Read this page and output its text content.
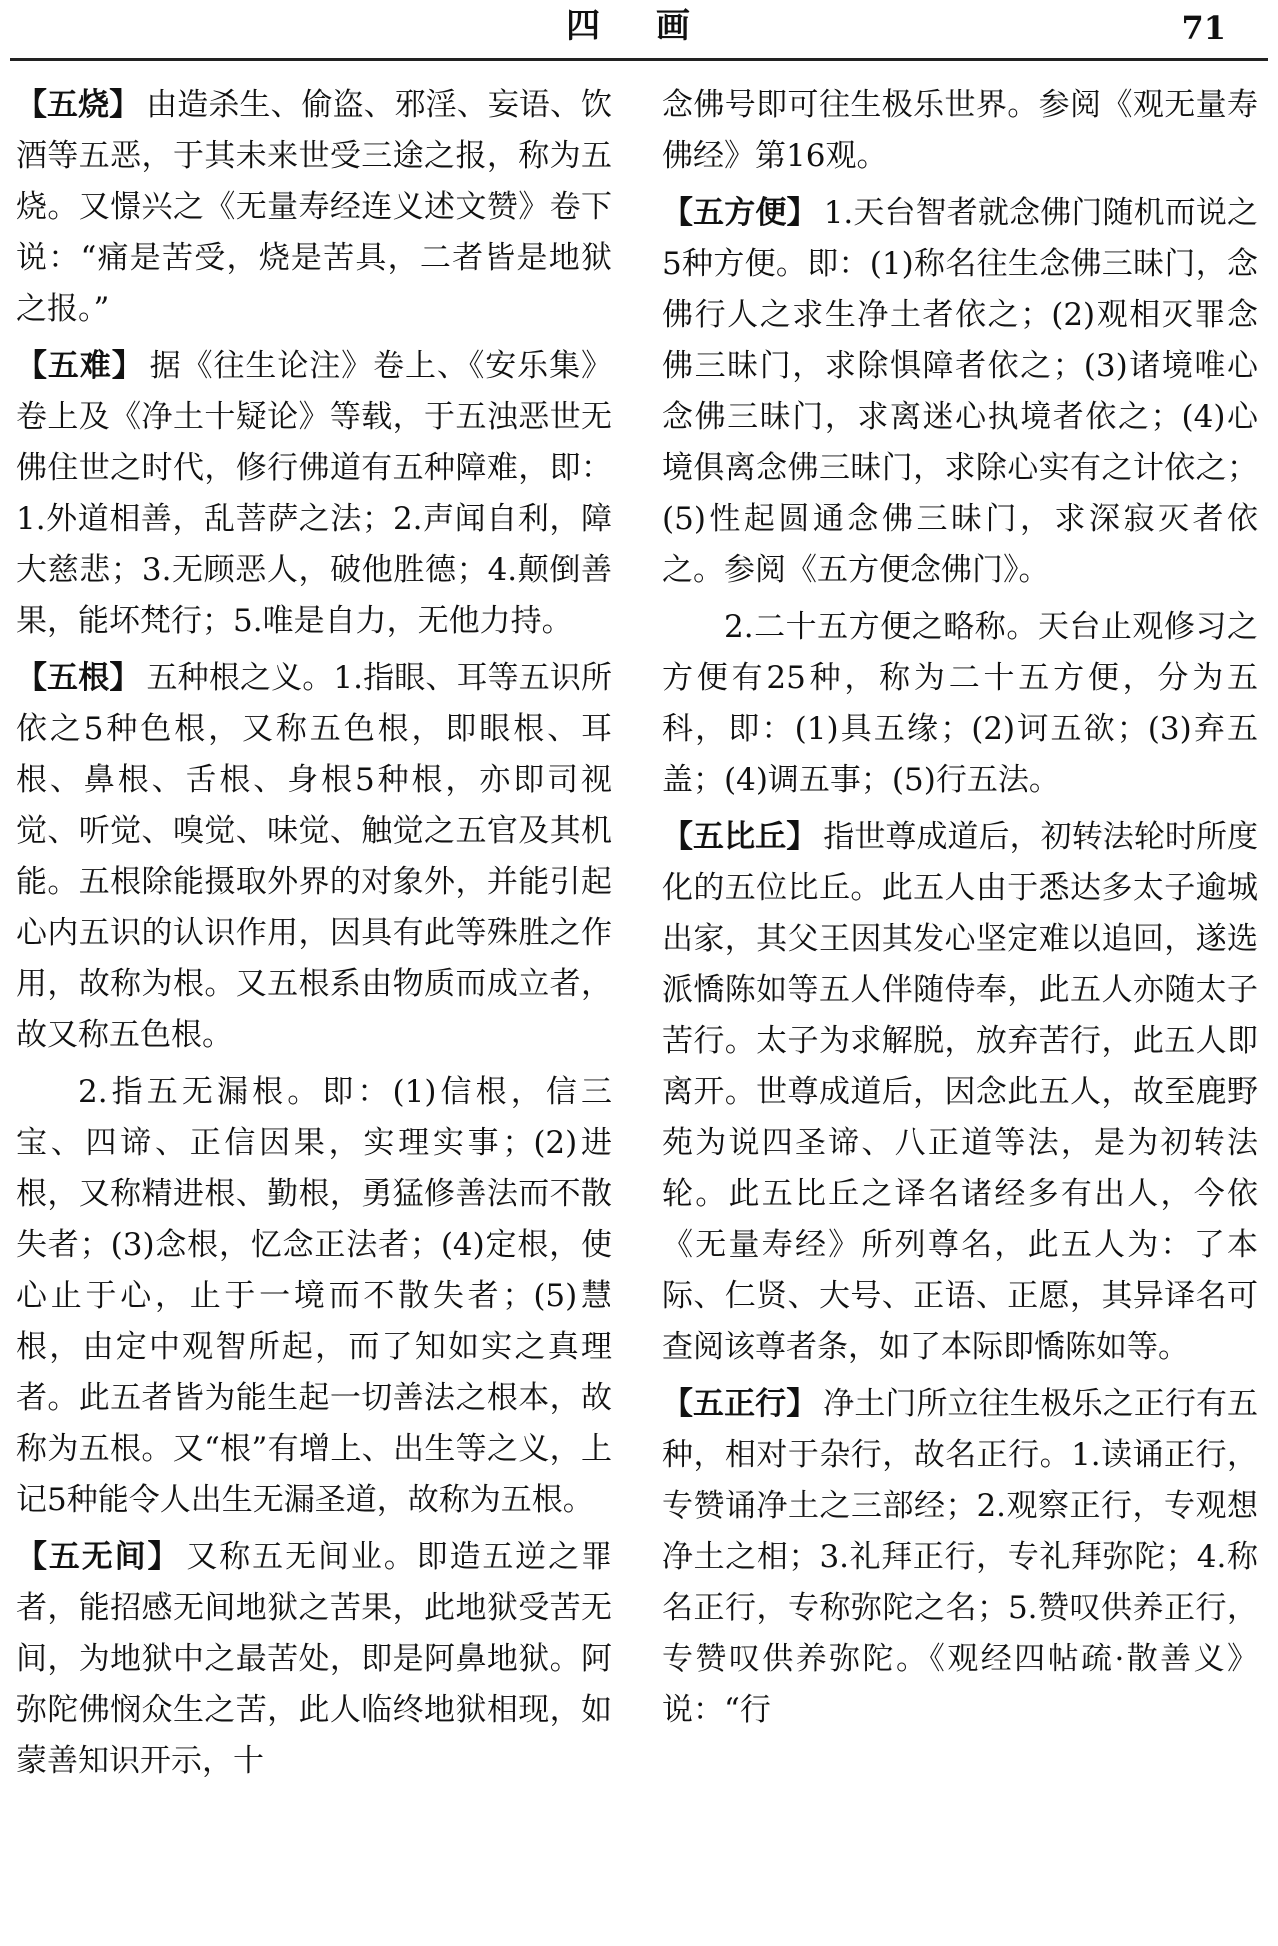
四 画	71
【五烧】 由造杀生、偷盗、邪淫、妄语、饮酒等五恶，于其未来世受三途之报，称为五烧。又憬兴之《无量寿经连义述文赞》卷下说：“痛是苦受，烧是苦具，二者皆是地狱之报。”
【五难】 据《往生论注》卷上、《安乐集》卷上及《净土十疑论》等载，于五浊恶世无佛住世之时代，修行佛道有五种障难，即：1.外道相善，乱菩萨之法；2.声闻自利，障大慈悲；3.无顾恶人，破他胜德；4.颠倒善果，能坏梵行；5.唯是自力，无他力持。
【五根】 五种根之义。1.指眼、耳等五识所依之5种色根，又称五色根，即眼根、耳根、鼻根、舌根、身根5种根，亦即司视觉、听觉、嗅觉、味觉、触觉之五官及其机能。五根除能摄取外界的对象外，并能引起心内五识的认识作用，因具有此等殊胜之作用，故称为根。又五根系由物质而成立者，故又称五色根。
2.指五无漏根。即：(1)信根，信三宝、四谛、正信因果，实理实事；(2)进根，又称精进根、勤根，勇猛修善法而不散失者；(3)念根，忆念正法者；(4)定根，使心止于心，止于一境而不散失者；(5)慧根，由定中观智所起，而了知如实之真理者。此五者皆为能生起一切善法之根本，故称为五根。又“根”有增上、出生等之义，上记5种能令人出生无漏圣道，故称为五根。
【五无间】 又称五无间业。即造五逆之罪者，能招感无间地狱之苦果，此地狱受苦无间，为地狱中之最苦处，即是阿鼻地狱。阿弥陀佛悯众生之苦，此人临终地狱相现，如蒙善知识开示，十
念佛号即可往生极乐世界。参阅《观无量寿佛经》第16观。
【五方便】 1.天台智者就念佛门随机而说之5种方便。即：(1)称名往生念佛三昧门，念佛行人之求生净土者依之；(2)观相灭罪念佛三昧门，求除惧障者依之；(3)诸境唯心念佛三昧门，求离迷心执境者依之；(4)心境俱离念佛三昧门，求除心实有之计依之；(5)性起圆通念佛三昧门，求深寂灭者依之。参阅《五方便念佛门》。
2.二十五方便之略称。天台止观修习之方便有25种，称为二十五方便，分为五科，即：(1)具五缘；(2)诃五欲；(3)弃五盖；(4)调五事；(5)行五法。
【五比丘】 指世尊成道后，初转法轮时所度化的五位比丘。此五人由于悉达多太子逾城出家，其父王因其发心坚定难以追回，遂选派憍陈如等五人伴随侍奉，此五人亦随太子苦行。太子为求解脱，放弃苦行，此五人即离开。世尊成道后，因念此五人，故至鹿野苑为说四圣谛、八正道等法，是为初转法轮。此五比丘之译名诸经多有出人，今依《无量寿经》所列尊名，此五人为：了本际、仁贤、大号、正语、正愿，其异译名可查阅该尊者条，如了本际即憍陈如等。
【五正行】 净土门所立往生极乐之正行有五种，相对于杂行，故名正行。1.读诵正行，专赞诵净土之三部经；2.观察正行，专观想净土之相；3.礼拜正行，专礼拜弥陀；4.称名正行，专称弥陀之名；5.赞叹供养正行，专赞叹供养弥陀。《观经四帖疏·散善义》说：“行
